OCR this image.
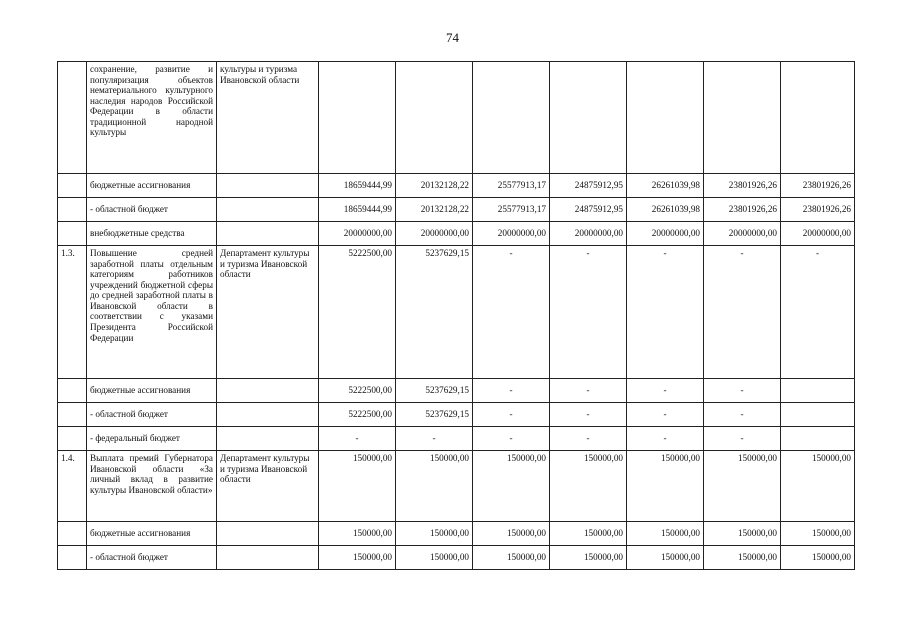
74
	сохранение, развитие и популяризация объектов нематериального культурного наследия народов Российской Федерации в области традиционной народной культуры	культуры и туризма Ивановской области							
	бюджетные ассигнования		18659444,99	20132128,22	25577913,17	24875912,95	26261039,98	23801926,26	23801926,26
	- областной бюджет		18659444,99	20132128,22	25577913,17	24875912,95	26261039,98	23801926,26	23801926,26
	внебюджетные средства		20000000,00	20000000,00	20000000,00	20000000,00	20000000,00	20000000,00	20000000,00
1.3.	Повышение средней заработной платы отдельным категориям работников учреждений бюджетной сферы до средней заработной платы в Ивановской области в соответствии с указами Президента Российской Федерации	Департамент культуры и туризма Ивановской области	5222500,00	5237629,15	-	-	-	-	-
	бюджетные ассигнования		5222500,00	5237629,15	-	-	-	-	
	- областной бюджет		5222500,00	5237629,15	-	-	-	-	
	- федеральный бюджет		-	-	-	-	-	-	
1.4.	Выплата премий Губернатора Ивановской области «За личный вклад в развитие культуры Ивановской области»	Департамент культуры и туризма Ивановской области	150000,00	150000,00	150000,00	150000,00	150000,00	150000,00	150000,00
	бюджетные ассигнования		150000,00	150000,00	150000,00	150000,00	150000,00	150000,00	150000,00
	- областной бюджет		150000,00	150000,00	150000,00	150000,00	150000,00	150000,00	150000,00
